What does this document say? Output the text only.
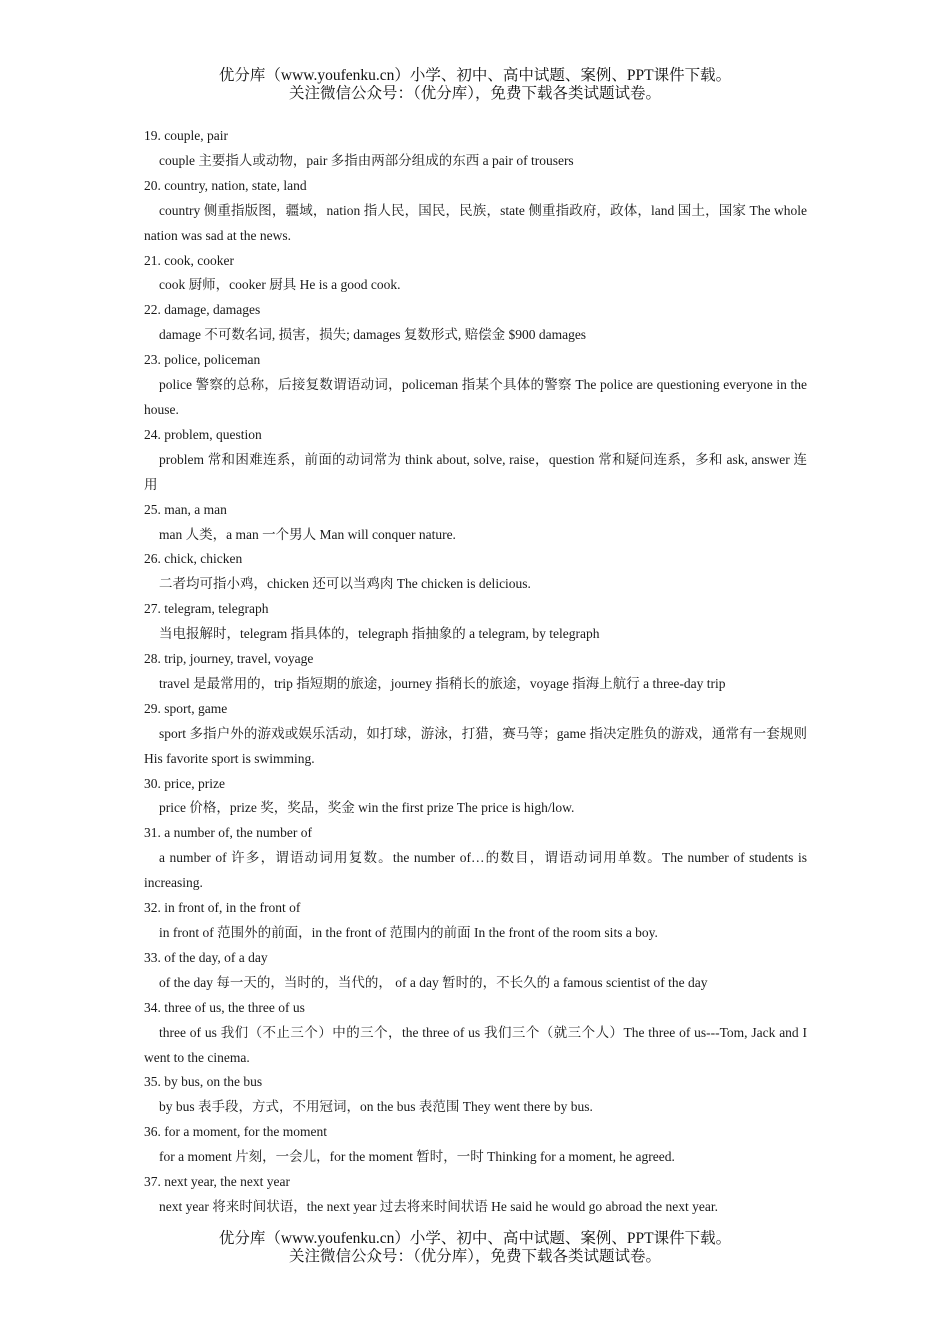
优分库（www.youfenku.cn）小学、初中、高中试题、案例、PPT课件下载。
关注微信公众号：（优分库），免费下载各类试题试卷。
19. couple, pair
couple 主要指人或动物，pair 多指由两部分组成的东西 a pair of trousers
20. country, nation, state, land
country 侧重指版图，疆域，nation 指人民，国民，民族，state 侧重指政府，政体，land 国土，国家 The whole nation was sad at the news.
21. cook, cooker
cook 厨师，cooker 厨具 He is a good cook.
22. damage, damages
damage 不可数名词, 损害，损失; damages 复数形式, 赔偿金 $900 damages
23. police, policeman
police 警察的总称，后接复数谓语动词，policeman 指某个具体的警察 The police are questioning everyone in the house.
24. problem, question
problem 常和困难连系，前面的动词常为 think about, solve, raise，question 常和疑问连系，多和 ask, answer 连用
25. man, a man
man 人类，a man 一个男人 Man will conquer nature.
26. chick, chicken
二者均可指小鸡，chicken 还可以当鸡肉 The chicken is delicious.
27. telegram, telegraph
当电报解时，telegram 指具体的，telegraph 指抽象的 a telegram, by telegraph
28. trip, journey, travel, voyage
travel 是最常用的，trip 指短期的旅途，journey 指稍长的旅途，voyage 指海上航行 a three-day trip
29. sport, game
sport 多指户外的游戏或娱乐活动，如打球，游泳，打猎，赛马等；game 指决定胜负的游戏，通常有一套规则 His favorite sport is swimming.
30. price, prize
price 价格，prize 奖，奖品，奖金 win the first prize The price is high/low.
31. a number of, the number of
a number of 许多，谓语动词用复数。the number of…的数目，谓语动词用单数。The number of students is increasing.
32. in front of, in the front of
in front of 范围外的前面，in the front of 范围内的前面 In the front of the room sits a boy.
33. of the day, of a day
of the day 每一天的，当时的，当代的， of a day 暂时的，不长久的 a famous scientist of the day
34. three of us, the three of us
three of us 我们（不止三个）中的三个，the three of us 我们三个（就三个人）The three of us---Tom, Jack and I went to the cinema.
35. by bus, on the bus
by bus 表手段，方式，不用冠词，on the bus 表范围 They went there by bus.
36. for a moment, for the moment
for a moment 片刻，一会儿，for the moment 暂时，一时 Thinking for a moment, he agreed.
37. next year, the next year
next year 将来时间状语，the next year 过去将来时间状语 He said he would go abroad the next year.
优分库（www.youfenku.cn）小学、初中、高中试题、案例、PPT课件下载。
关注微信公众号：（优分库），免费下载各类试题试卷。
